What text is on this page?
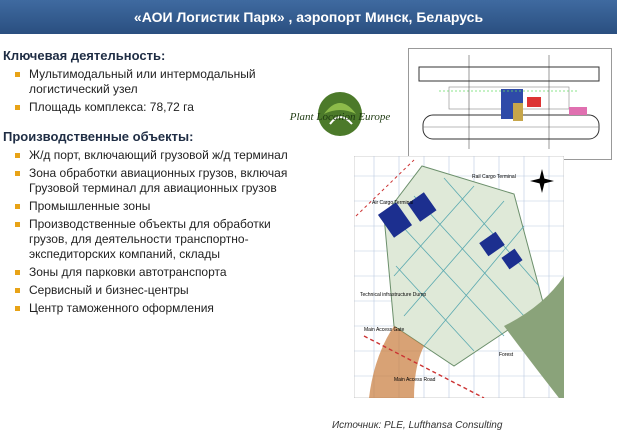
«АОИ Логистик Парк» , аэропорт Минск, Беларусь
Ключевая деятельность:
Мультимодальный или интермодальный логистический узел
Площадь комплекса: 78,72 га
Производственные объекты:
Ж/д порт, включающий грузовой ж/д терминал
Зона обработки авиационных грузов, включая Грузовой терминал для авиационных грузов
Промышленные зоны
Производственные объекты для обработки грузов, для деятельности транспортно-экспедиторских компаний, склады
Зоны для парковки автотранспорта
Сервисный и бизнес-центры
Центр таможенного оформления
Plant Location Europe
Air Cargo Terminal
Rail Cargo Terminal
Technical infrastructure Dump
Main Access Gate
Forest
Main Access Road
Источник: PLE, Lufthansa Consulting
